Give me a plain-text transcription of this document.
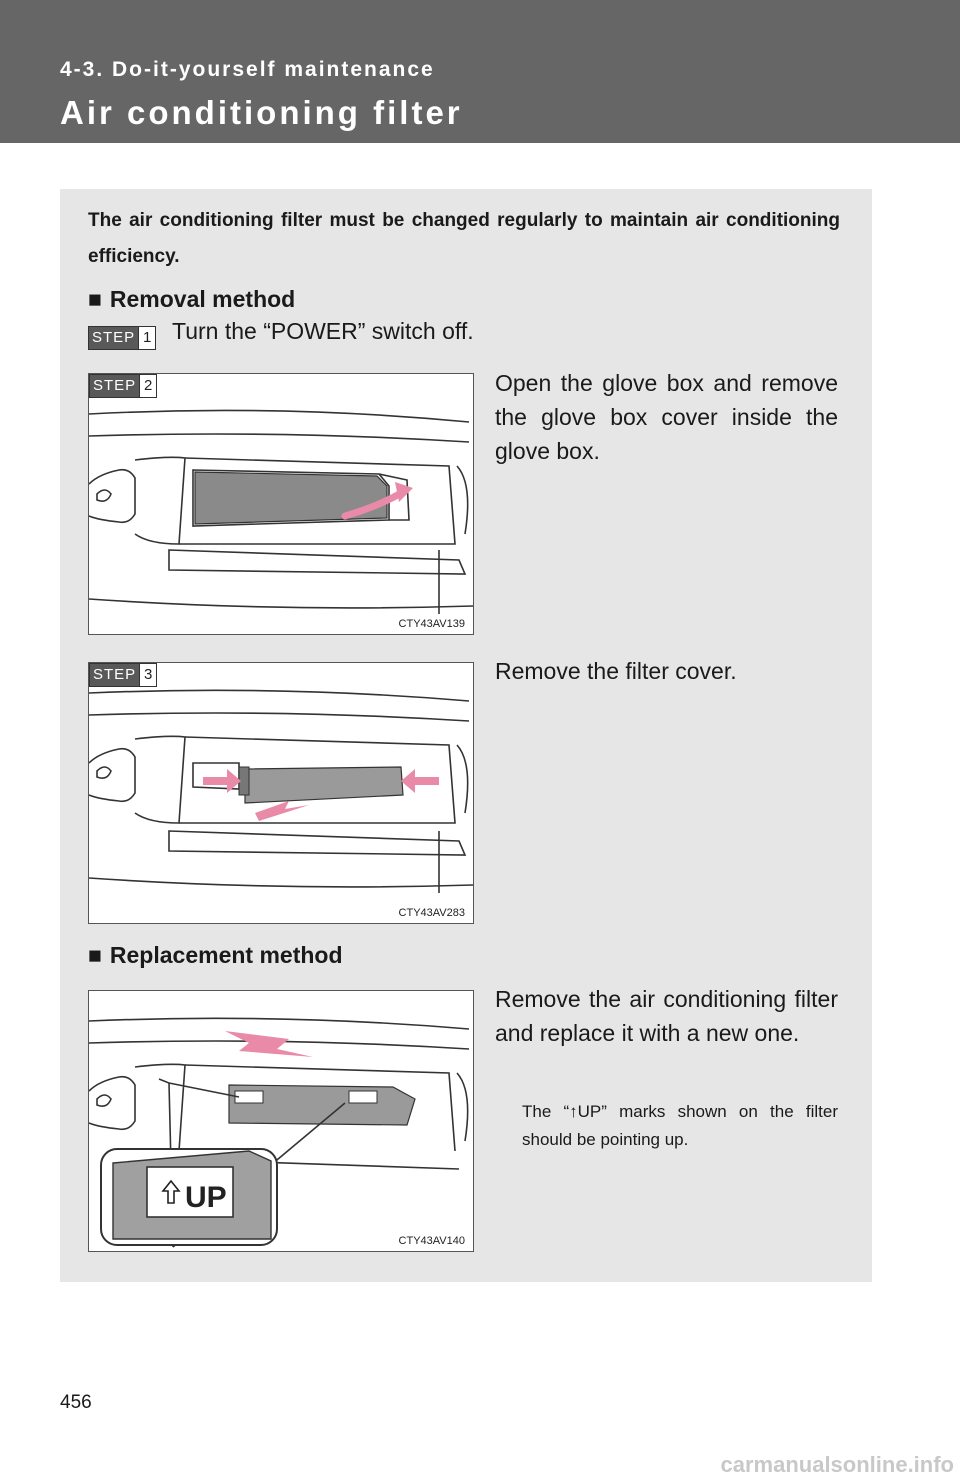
4-3. Do-it-yourself maintenance
Air conditioning filter
The air conditioning filter must be changed regularly to maintain air conditioning efficiency.
■ Removal method
STEP 1 Turn the “POWER” switch off.
STEP 2
CTY43AV139
Open the glove box and remove the glove box cover inside the glove box.
STEP 3
CTY43AV283
Remove the filter cover.
■ Replacement method
UP
CTY43AV140
Remove the air conditioning filter and replace it with a new one.
The “↑UP” marks shown on the filter should be pointing up.
456
carmanualsonline.info
